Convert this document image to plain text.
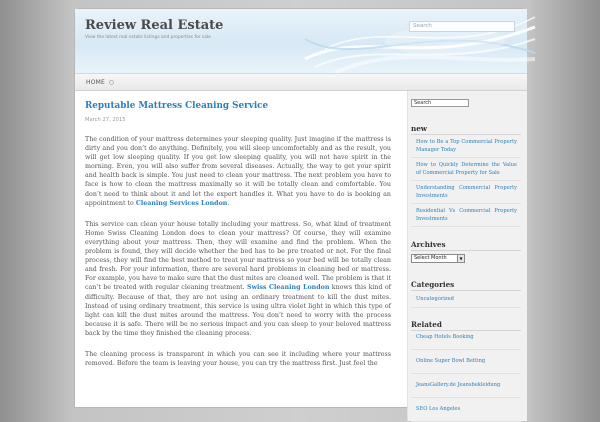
Review Real Estate
View the latest real estate listings and properties for sale
Search
HOME
Reputable Mattress Cleaning Service
March 27, 2015

The condition of your mattress determines your sleeping quality. Just imagine if the mattress is dirty and you don’t do anything. Definitely, you will sleep uncomfortably and as the result, you will get low sleeping quality. If you get low sleeping quality, you will not have spirit in the morning. Even, you will also suffer from several diseases. Actually, the way to get your spirit and health back is simple. You just need to clean your mattress. The next problem you have to face is how to clean the mattress maximally so it will be totally clean and comfortable. You don’t need to think about it and let the expert handles it. What you have to do is booking an appointment to Cleaning Services London.

This service can clean your house totally including your mattress. So, what kind of treatment Home Swiss Cleaning London does to clean your mattress? Of course, they will examine everything about your mattress. Then, they will examine and find the problem. When the problem is found, they will decide whether the bed has to be pre treated or not. For the final process, they will find the best method to treat your mattress so your bed will be totally clean and fresh. For your information, there are several hard problems in cleaning bed or mattress. For example, you have to make sure that the dust mites are cleaned well. The problem is that it can’t be treated with regular cleaning treatment. Swiss Cleaning London knows this kind of difficulty. Because of that, they are not using an ordinary treatment to kill the dust mites. Instead of using ordinary treatment, this service is using ultra violet light in which this type of light can kill the dust mites around the mattress. You don’t need to worry with the process because it is safe. There will be no serious impact and you can sleep to your beloved mattress back by the time they finished the cleaning process.

The cleaning process is transparent in which you can see it including where your mattress removed. Before the team is leaving your house, you can try the mattress first. Just feel the

Search
new
How to Be a Top Commercial Property Manager Today
How to Quickly Determine the Value of Commercial Property for Sale
Understanding Commercial Property Investments
Residential Vs Commercial Property Investments
Archives
Select Month	▼
Categories
Uncategorized
Related
Cheap Hotels Booking
Online Super Bowl Betting
JeansGallery.de Jeansbekleidung
SEO Los Angeles
